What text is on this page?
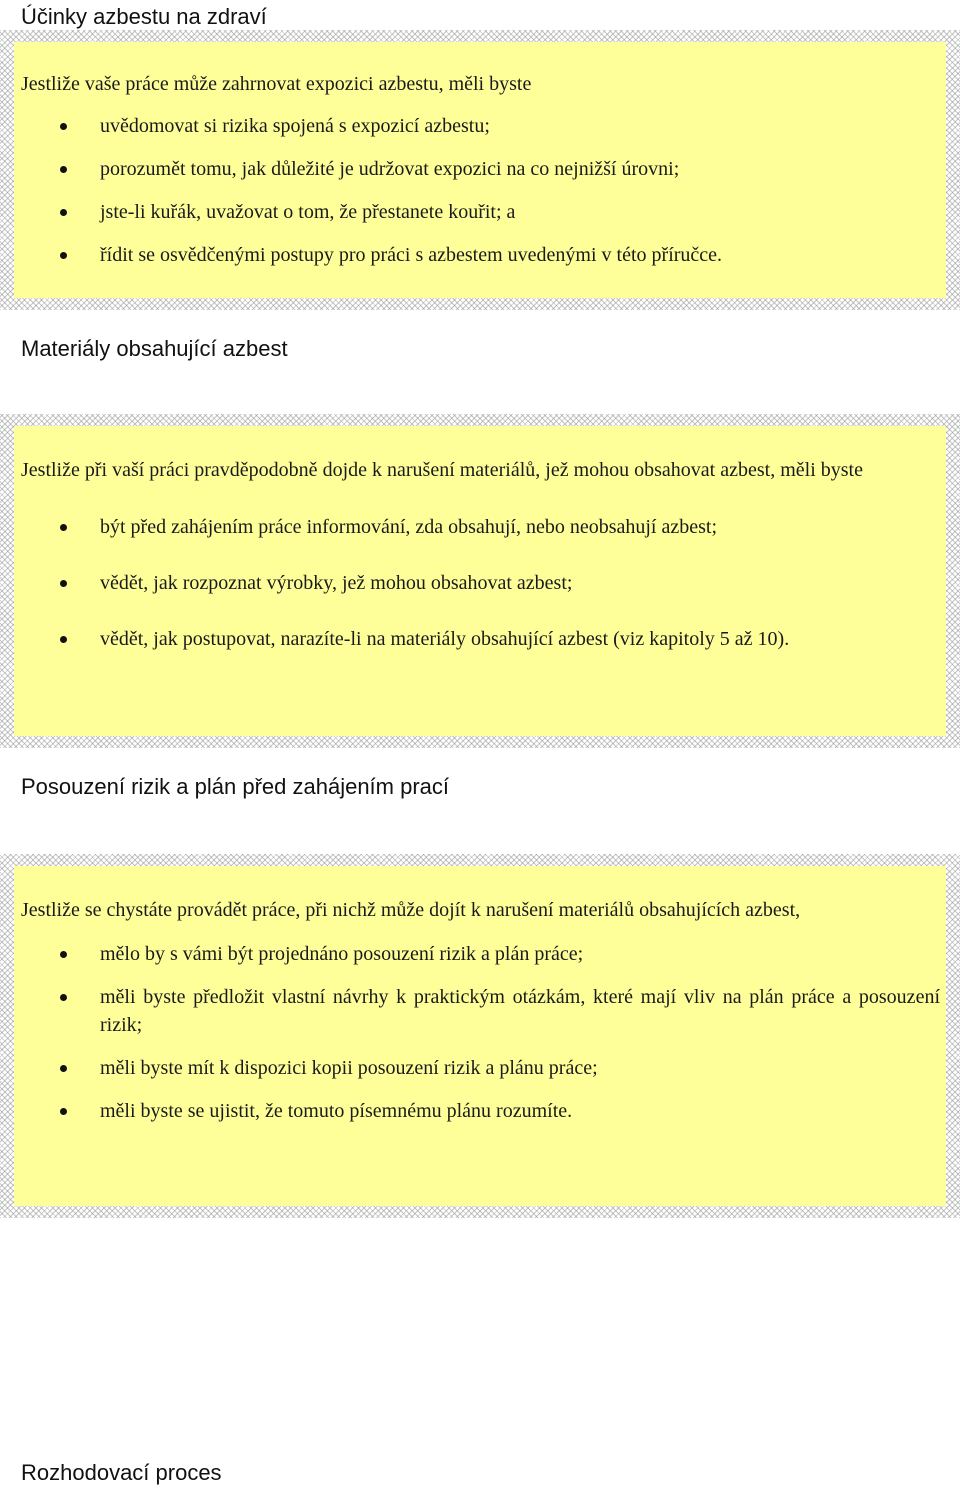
Účinky azbestu na zdraví

Jestliže vaše práce může zahrnovat expozici azbestu, měli byste

uvědomovat si rizika spojená s expozicí azbestu;
porozumět tomu, jak důležité je udržovat expozici na co nejnižší úrovni;
jste-li kuřák, uvažovat o tom, že přestanete kouřit; a
řídit se osvědčenými postupy pro práci s azbestem uvedenými v této příručce.
Materiály obsahující azbest

Jestliže při vaší práci pravděpodobně dojde k narušení materiálů, jež mohou obsahovat azbest, měli byste

být před zahájením práce informování, zda obsahují, nebo neobsahují azbest;
vědět, jak rozpoznat výrobky, jež mohou obsahovat azbest;
vědět, jak postupovat, narazíte-li na materiály obsahující azbest (viz kapitoly 5 až 10).
Posouzení rizik a plán před zahájením prací

Jestliže se chystáte provádět práce, při nichž může dojít k narušení materiálů obsahujících azbest,

mělo by s vámi být projednáno posouzení rizik a plán práce;
měli byste předložit vlastní návrhy k praktickým otázkám, které mají vliv na plán práce a posouzení rizik;
měli byste mít k dispozici kopii posouzení rizik a plánu práce;
měli byste se ujistit, že tomuto písemnému plánu rozumíte.
Rozhodovací proces
